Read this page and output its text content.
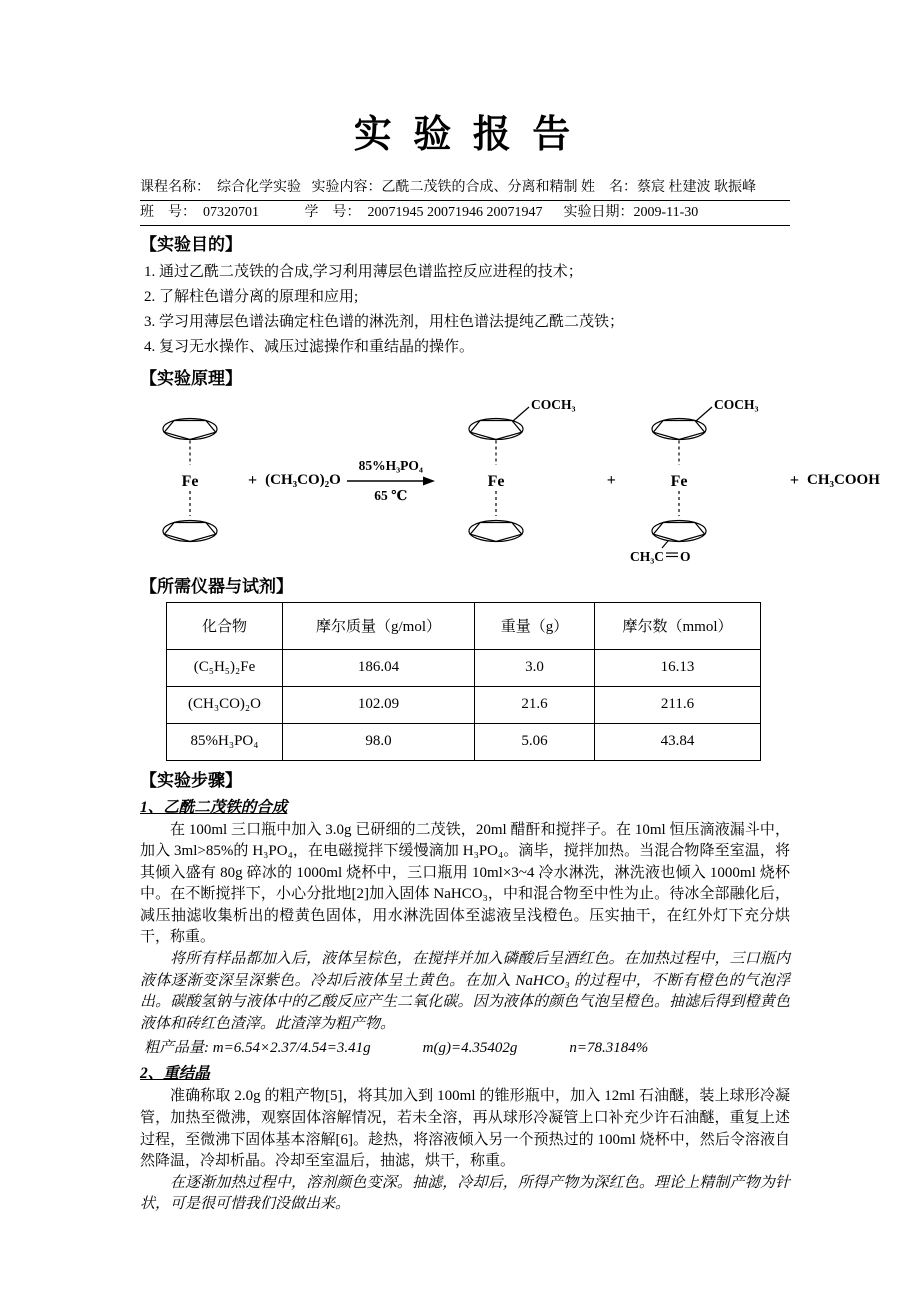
实 验 报 告
课程名称：  综合化学实验   实验内容：乙酰二茂铁的合成、分离和精制 姓    名：蔡宸 杜建波 耿振峰
班    号：  07320701             学    号：  20071945 20071946 20071947      实验日期：2009-11-30
【实验目的】
1. 通过乙酰二茂铁的合成,学习利用薄层色谱监控反应进程的技术；
2. 了解柱色谱分离的原理和应用;
3. 学习用薄层色谱法确定柱色谱的淋洗剂，用柱色谱法提纯乙酰二茂铁；
4. 复习无水操作、减压过滤操作和重结晶的操作。
【实验原理】
Fe	+ (CH₃CO)₂O
85%H₃PO₄
65 ℃
COCH₃
Fe	+
COCH₃
Fe
CH₃C O
+ CH₃COOH
【所需仪器与试剂】
化合物	摩尔质量（g/mol）	重量（g）	摩尔数（mmol）
(C₅H₅)₂Fe	186.04	3.0	16.13
(CH₃CO)₂O	102.09	21.6	211.6
85%H₃PO₄	98.0	5.06	43.84
【实验步骤】
1、乙酰二茂铁的合成

在 100ml 三口瓶中加入 3.0g 已研细的二茂铁，20ml 醋酐和搅拌子。在 10ml 恒压滴液漏斗中，加入 3ml>85%的 H₃PO₄，在电磁搅拌下缓慢滴加 H₃PO₄。滴毕，搅拌加热。当混合物降至室温，将其倾入盛有 80g 碎冰的 1000ml 烧杯中，三口瓶用 10ml×3~4 冷水淋洗，淋洗液也倾入 1000ml 烧杯中。在不断搅拌下，小心分批地[2]加入固体 NaHCO₃，中和混合物至中性为止。待冰全部融化后，减压抽滤收集析出的橙黄色固体，用水淋洗固体至滤液呈浅橙色。压实抽干，在红外灯下充分烘干，称重。

将所有样品都加入后，液体呈棕色，在搅拌并加入磷酸后呈酒红色。在加热过程中，三口瓶内液体逐渐变深呈深紫色。冷却后液体呈土黄色。在加入 NaHCO₃ 的过程中，不断有橙色的气泡浮出。碳酸氢钠与液体中的乙酸反应产生二氧化碳。因为液体的颜色气泡呈橙色。抽滤后得到橙黄色液体和砖红色渣滓。此渣滓为粗产物。

粗产品量: m=6.54×2.37/4.54=3.41g	m(g)=4.35402g	n=78.3184%
2、重结晶

准确称取 2.0g 的粗产物[5]，将其加入到 100ml 的锥形瓶中，加入 12ml 石油醚，装上球形冷凝管，加热至微沸，观察固体溶解情况，若未全溶，再从球形冷凝管上口补充少许石油醚，重复上述过程，至微沸下固体基本溶解[6]。趁热，将溶液倾入另一个预热过的 100ml 烧杯中，然后令溶液自然降温，冷却析晶。冷却至室温后，抽滤，烘干，称重。

在逐渐加热过程中，溶剂颜色变深。抽滤，冷却后，所得产物为深红色。理论上精制产物为针状，可是很可惜我们没做出来。
